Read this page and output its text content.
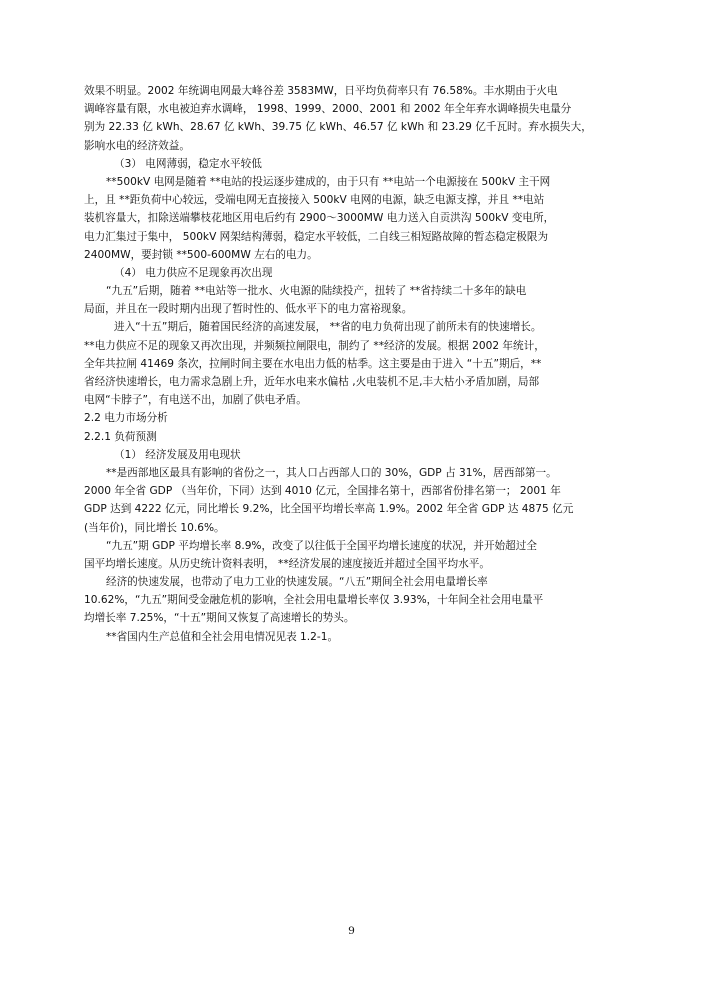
效果不明显。2002 年统调电网最大峰谷差 3583MW，日平均负荷率只有 76.58%。丰水期由于火电
调峰容量有限，水电被迫弃水调峰， 1998、1999、2000、2001 和 2002 年全年弃水调峰损失电量分
别为 22.33 亿 kWh、28.67 亿 kWh、39.75 亿 kWh、46.57 亿 kWh 和 23.29 亿千瓦时。弃水损失大，
影响水电的经济效益。
（3） 电网薄弱，稳定水平较低
**500kV 电网是随着 **电站的投运逐步建成的，由于只有 **电站一个电源接在 500kV 主干网
上，且 **距负荷中心较远，受端电网无直接接入 500kV 电网的电源，缺乏电源支撑，并且 **电站
装机容量大，扣除送端攀枝花地区用电后约有 2900～3000MW 电力送入自贡洪沟 500kV 变电所，
电力汇集过于集中， 500kV 网架结构薄弱，稳定水平较低，二自线三相短路故障的暂态稳定极限为
2400MW，要封锁 **500-600MW 左右的电力。
（4） 电力供应不足现象再次出现
“九五”后期，随着 **电站等一批水、火电源的陆续投产，扭转了 **省持续二十多年的缺电
局面，并且在一段时期内出现了暂时性的、低水平下的电力富裕现象。
进入“十五”期后，随着国民经济的高速发展， **省的电力负荷出现了前所未有的快速增长。
**电力供应不足的现象又再次出现，并频频拉闸限电，制约了 **经济的发展。根据 2002 年统计，
全年共拉闸 41469 条次，拉闸时间主要在水电出力低的枯季。这主要是由于进入 “十五”期后，**
省经济快速增长，电力需求急剧上升，近年水电来水偏枯 ,火电装机不足,丰大枯小矛盾加剧，局部
电网“卡脖子”，有电送不出，加剧了供电矛盾。
2.2 电力市场分析
2.2.1 负荷预测
（1） 经济发展及用电现状
**是西部地区最具有影响的省份之一，其人口占西部人口的 30%，GDP 占 31%，居西部第一。
2000 年全省 GDP （当年价，下同）达到 4010 亿元，全国排名第十，西部省份排名第一； 2001 年
GDP 达到 4222 亿元，同比增长 9.2%，比全国平均增长率高 1.9%。2002 年全省 GDP 达 4875 亿元
(当年价)，同比增长 10.6%。
“九五”期 GDP 平均增长率 8.9%，改变了以往低于全国平均增长速度的状况，并开始超过全
国平均增长速度。从历史统计资料表明， **经济发展的速度接近并超过全国平均水平。
经济的快速发展，也带动了电力工业的快速发展。“八五”期间全社会用电量增长率
10.62%，“九五”期间受金融危机的影响，全社会用电量增长率仅 3.93%，十年间全社会用电量平
均增长率 7.25%，“十五”期间又恢复了高速增长的势头。
**省国内生产总值和全社会用电情况见表 1.2-1。
9
